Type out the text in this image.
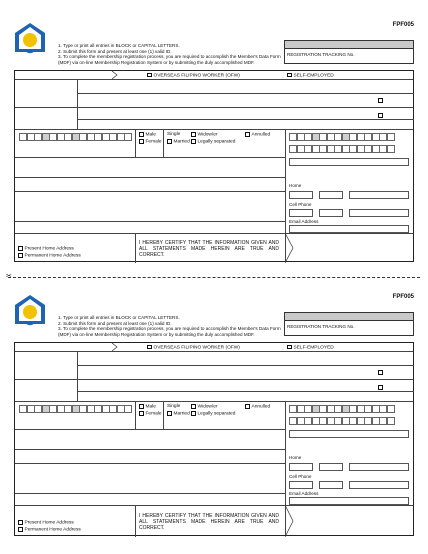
FPF005
1. Type or print all entries in BLOCK or CAPITAL LETTERS.
2. Submit this form and present at least one (1) valid ID.
3. To complete the membership registration process, you are required to accomplish the Member's Data Form (MDF) via on-line Membership Registration System or by submitting the duly accomplished MDF.
REGISTRATION TRACKING No.
OVERSEAS FILIPINO WORKER (OFW)	SELF-EMPLOYED
Male
Female
Single	Widow/er	Annulled
Married	Legally separated
Home
Cell Phone
Email Address
Present Home Address
Permanent Home Address
I HEREBY CERTIFY THAT THE INFORMATION GIVEN AND ALL STATEMENTS MADE HEREIN ARE TRUE AND CORRECT.
✂
FPF005
1. Type or print all entries in BLOCK or CAPITAL LETTERS.
2. Submit this form and present at least one (1) valid ID.
3. To complete the membership registration process, you are required to accomplish the Member's Data Form (MDF) via on-line Membership Registration System or by submitting the duly accomplished MDF.
REGISTRATION TRACKING No.
OVERSEAS FILIPINO WORKER (OFW)	SELF-EMPLOYED
Male
Female
Single	Widow/er	Annulled
Married	Legally separated
Home
Cell Phone
Email Address
Present Home Address
Permanent Home Address
I HEREBY CERTIFY THAT THE INFORMATION GIVEN AND ALL STATEMENTS MADE HEREIN ARE TRUE AND CORRECT.
